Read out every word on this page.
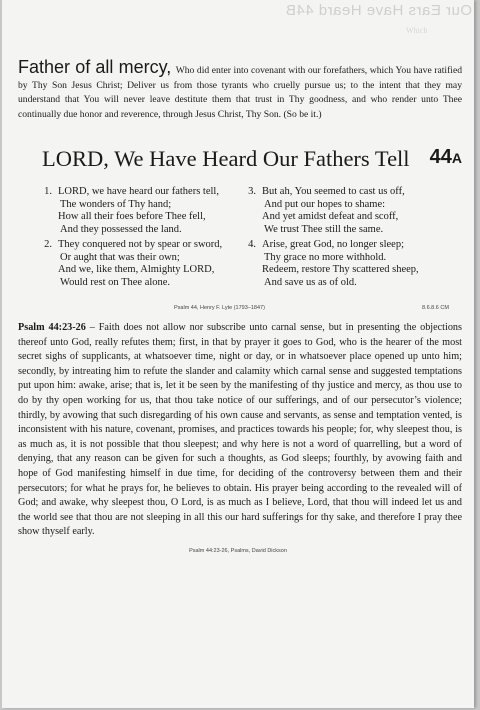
Our Ears Have Heard 44B
Which
Father of all mercy, Who did enter into covenant with our forefathers, which You have ratified by Thy Son Jesus Christ; Deliver us from those tyrants who cruelly pursue us; to the intent that they may understand that You will never leave destitute them that trust in Thy goodness, and who render unto Thee continually due honor and reverence, through Jesus Christ, Thy Son. (So be it.)
LORD, We Have Heard Our Fathers Tell 44A
1. LORD, we have heard our fathers tell,
The wonders of Thy hand;
How all their foes before Thee fell,
And they possessed the land.
2. They conquered not by spear or sword,
Or aught that was their own;
And we, like them, Almighty LORD,
Would rest on Thee alone.
3. But ah, You seemed to cast us off,
And put our hopes to shame:
And yet amidst defeat and scoff,
We trust Thee still the same.
4. Arise, great God, no longer sleep;
Thy grace no more withhold.
Redeem, restore Thy scattered sheep,
And save us as of old.
Psalm 44, Henry F. Lyte (1793–1847)	8.6.8.6 CM
Psalm 44:23-26 – Faith does not allow nor subscribe unto carnal sense, but in presenting the objections thereof unto God, really refutes them; first, in that by prayer it goes to God, who is the hearer of the most secret sighs of supplicants, at whatsoever time, night or day, or in whatsoever place opened up unto him; secondly, by intreating him to refute the slander and calamity which carnal sense and suggested temptations put upon him: awake, arise; that is, let it be seen by the manifesting of thy justice and mercy, as thou use to do by thy open working for us, that thou take notice of our sufferings, and of our persecutor’s violence; thirdly, by avowing that such disregarding of his own cause and servants, as sense and temptation vented, is inconsistent with his nature, covenant, promises, and practices towards his people; for, why sleepest thou, is as much as, it is not possible that thou sleepest; and why here is not a word of quarrelling, but a word of denying, that any reason can be given for such a thoughts, as God sleeps; fourthly, by avowing faith and hope of God manifesting himself in due time, for deciding of the controversy between them and their persecutors; for what he prays for, he believes to obtain. His prayer being according to the revealed will of God; and awake, why sleepest thou, O Lord, is as much as I believe, Lord, that thou will indeed let us and the world see that thou are not sleeping in all this our hard sufferings for thy sake, and therefore I pray thee show thyself early.
Psalm 44:23-26, Psalms, David Dickson
